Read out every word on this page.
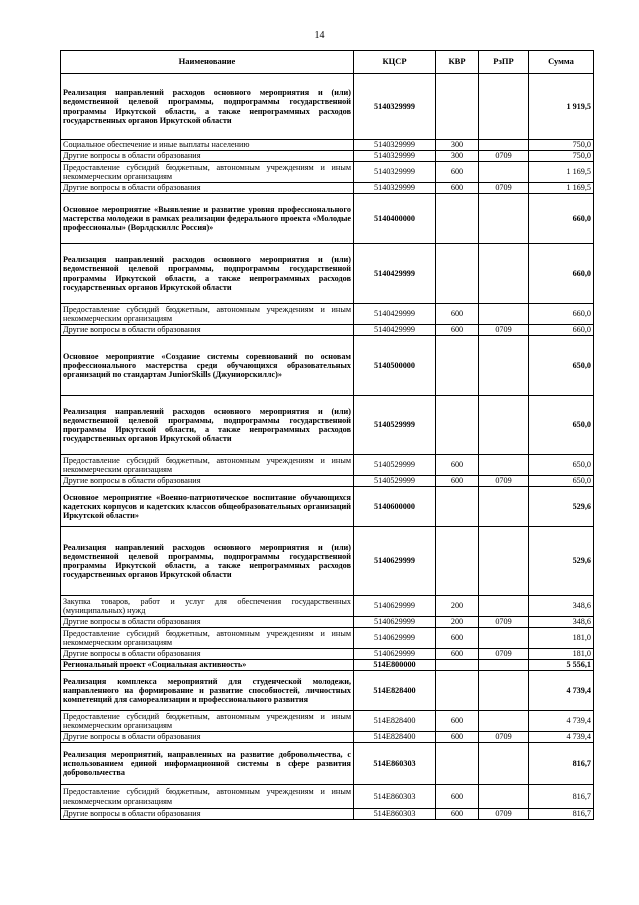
14
Наименование	КЦСР	КВР	РзПР	Сумма
Реализация направлений расходов основного мероприятия и (или) ведомственной целевой программы, подпрограммы государственной программы Иркутской области, а также непрограммных расходов государственных органов Иркутской области	5140329999			1 919,5
Социальное обеспечение и иные выплаты населению	5140329999	300		750,0
Другие вопросы в области образования	5140329999	300	0709	750,0
Предоставление субсидий бюджетным, автономным учреждениям и иным некоммерческим организациям	5140329999	600		1 169,5
Другие вопросы в области образования	5140329999	600	0709	1 169,5
Основное мероприятие «Выявление и развитие уровня профессионального мастерства молодежи в рамках реализации федерального проекта «Молодые профессионалы» (Ворлдскиллс Россия)»	5140400000			660,0
Реализация направлений расходов основного мероприятия и (или) ведомственной целевой программы, подпрограммы государственной программы Иркутской области, а также непрограммных расходов государственных органов Иркутской области	5140429999			660,0
Предоставление субсидий бюджетным, автономным учреждениям и иным некоммерческим организациям	5140429999	600		660,0
Другие вопросы в области образования	5140429999	600	0709	660,0
Основное мероприятие «Создание системы соревнований по основам профессионального мастерства среди обучающихся образовательных организаций по стандартам JuniorSkills (Джуниорскиллс)»	5140500000			650,0
Реализация направлений расходов основного мероприятия и (или) ведомственной целевой программы, подпрограммы государственной программы Иркутской области, а также непрограммных расходов государственных органов Иркутской области	5140529999			650,0
Предоставление субсидий бюджетным, автономным учреждениям и иным некоммерческим организациям	5140529999	600		650,0
Другие вопросы в области образования	5140529999	600	0709	650,0
Основное мероприятие «Военно-патриотическое воспитание обучающихся кадетских корпусов и кадетских классов общеобразовательных организаций Иркутской области»	5140600000			529,6
Реализация направлений расходов основного мероприятия и (или) ведомственной целевой программы, подпрограммы государственной программы Иркутской области, а также непрограммных расходов государственных органов Иркутской области	5140629999			529,6
Закупка товаров, работ и услуг для обеспечения государственных (муниципальных) нужд	5140629999	200		348,6
Другие вопросы в области образования	5140629999	200	0709	348,6
Предоставление субсидий бюджетным, автономным учреждениям и иным некоммерческим организациям	5140629999	600		181,0
Другие вопросы в области образования	5140629999	600	0709	181,0
Региональный проект «Социальная активность»	514E800000			5 556,1
Реализация комплекса мероприятий для студенческой молодежи, направленного на формирование и развитие способностей, личностных компетенций для самореализации и профессионального развития	514E828400			4 739,4
Предоставление субсидий бюджетным, автономным учреждениям и иным некоммерческим организациям	514E828400	600		4 739,4
Другие вопросы в области образования	514E828400	600	0709	4 739,4
Реализация мероприятий, направленных на развитие добровольчества, с использованием единой информационной системы в сфере развития добровольчества	514E860303			816,7
Предоставление субсидий бюджетным, автономным учреждениям и иным некоммерческим организациям	514E860303	600		816,7
Другие вопросы в области образования	514E860303	600	0709	816,7
